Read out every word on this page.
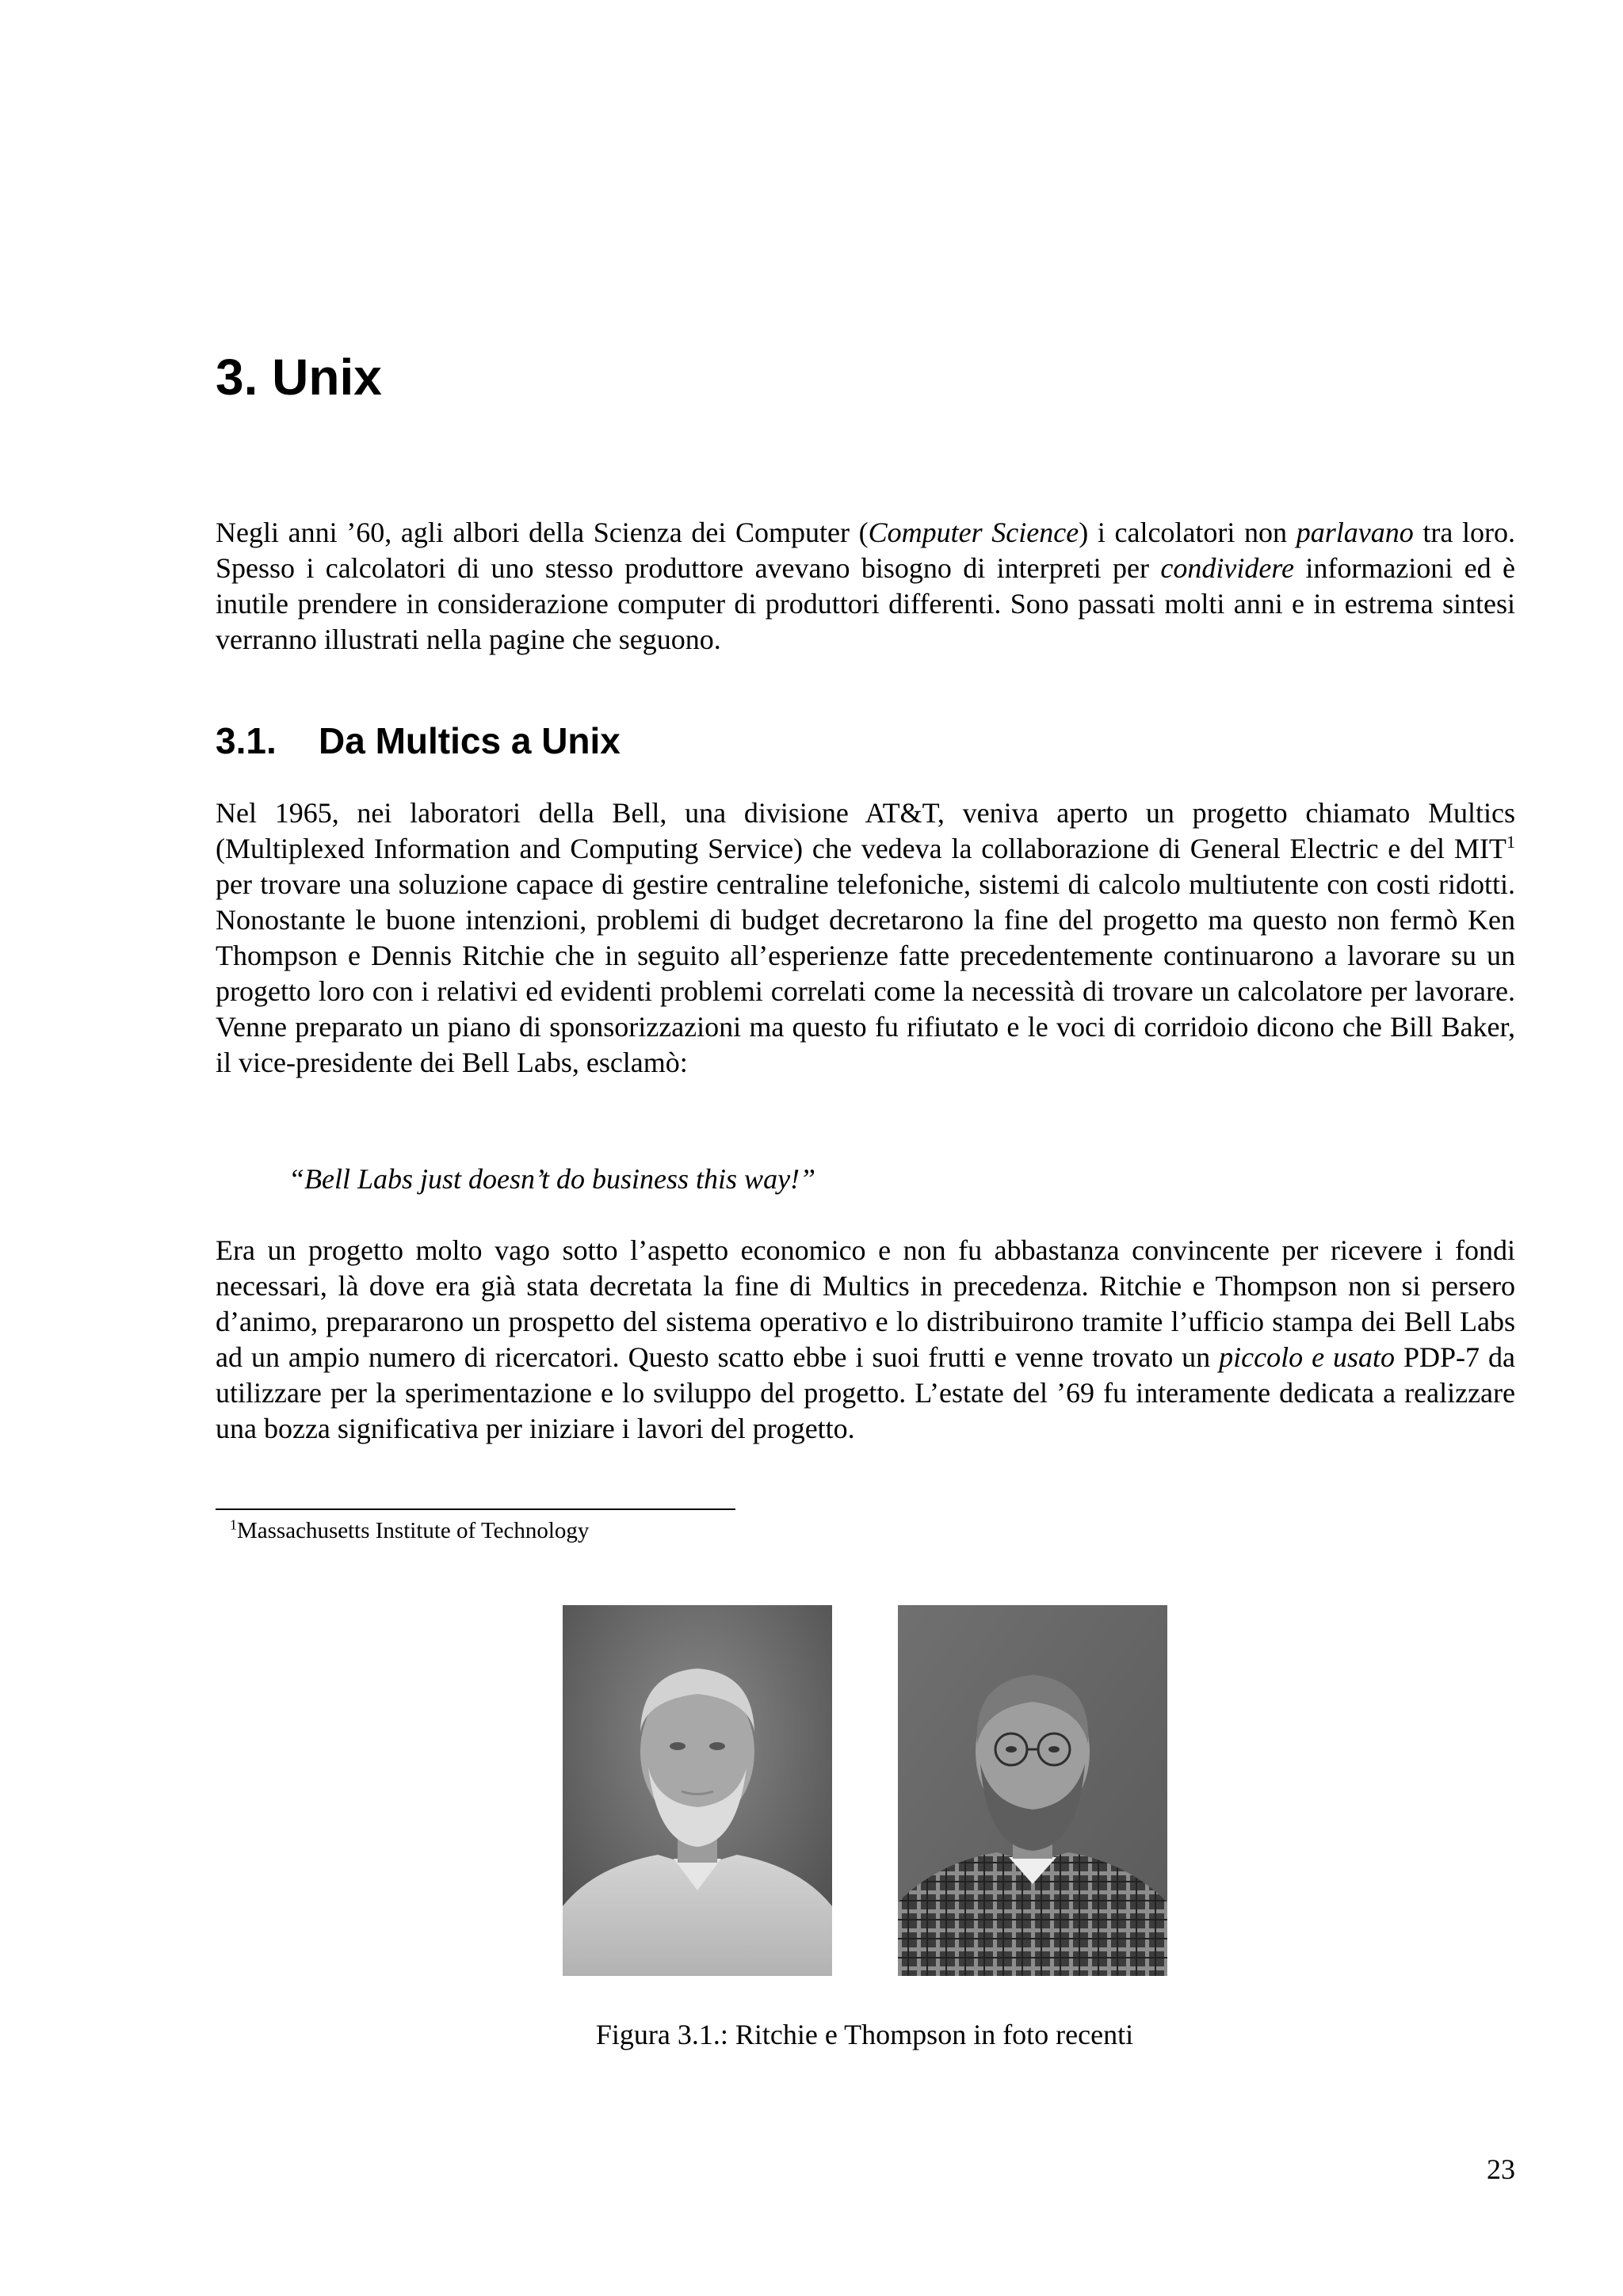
3. Unix

Negli anni ’60, agli albori della Scienza dei Computer (Computer Science) i calcolatori non parlavano tra loro. Spesso i calcolatori di uno stesso produttore avevano bisogno di interpreti per condividere informazioni ed è inutile prendere in considerazione computer di produttori differenti. Sono passati molti anni e in estrema sintesi verranno illustrati nella pagine che seguono.

3.1. Da Multics a Unix

Nel 1965, nei laboratori della Bell, una divisione AT&T, veniva aperto un progetto chiamato Multics (Multiplexed Information and Computing Service) che vedeva la collaborazione di General Electric e del MIT$^1$ per trovare una soluzione capace di gestire centraline telefoniche, sistemi di calcolo multiutente con costi ridotti. Nonostante le buone intenzioni, problemi di budget decretarono la fine del progetto ma questo non fermò Ken Thompson e Dennis Ritchie che in seguito all’esperienze fatte precedentemente continuarono a lavorare su un progetto loro con i relativi ed evidenti problemi correlati come la necessità di trovare un calcolatore per lavorare. Venne preparato un piano di sponsorizzazioni ma questo fu rifiutato e le voci di corridoio dicono che Bill Baker, il vice-presidente dei Bell Labs, esclamò:

“Bell Labs just doesn’t do business this way!”

Era un progetto molto vago sotto l’aspetto economico e non fu abbastanza convincente per ricevere i fondi necessari, là dove era già stata decretata la fine di Multics in precedenza. Ritchie e Thompson non si persero d’animo, prepararono un prospetto del sistema operativo e lo distribuirono tramite l’ufficio stampa dei Bell Labs ad un ampio numero di ricercatori. Questo scatto ebbe i suoi frutti e venne trovato un piccolo e usato PDP-7 da utilizzare per la sperimentazione e lo sviluppo del progetto. L’estate del ’69 fu interamente dedicata a realizzare una bozza significativa per iniziare i lavori del progetto.

$^1$Massachusetts Institute of Technology

Figura 3.1.: Ritchie e Thompson in foto recenti

23
